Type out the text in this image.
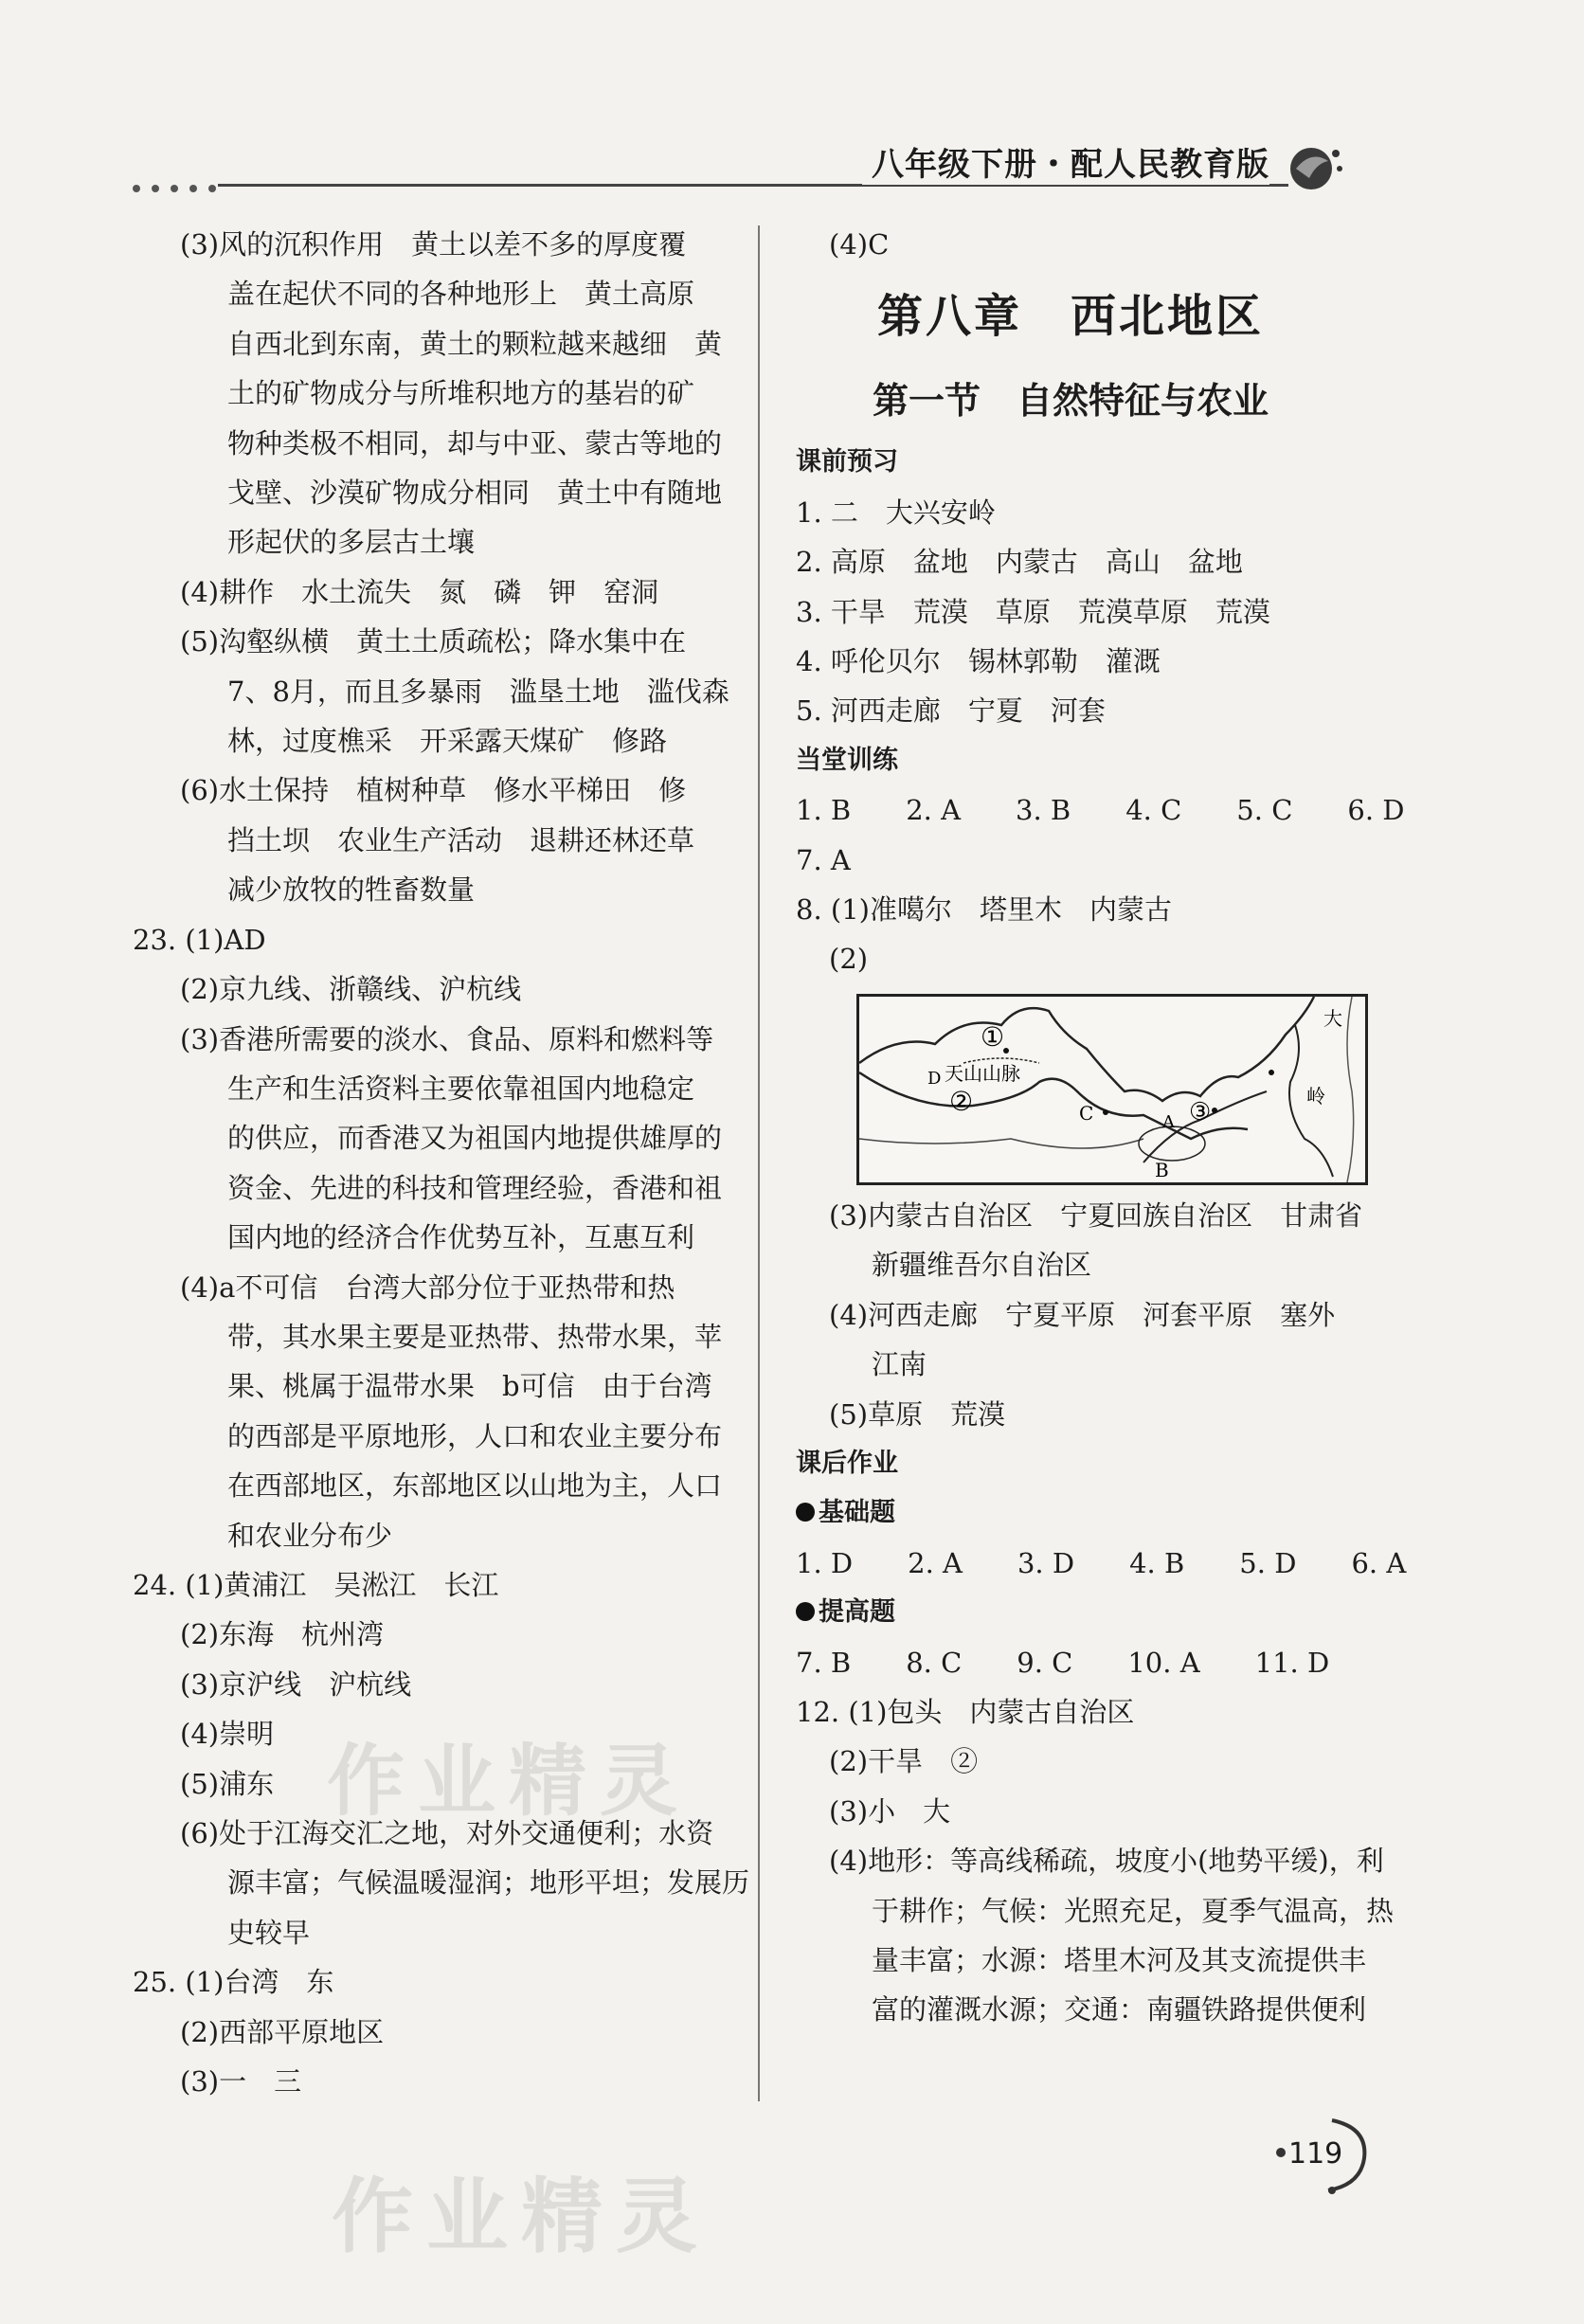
八年级下册・配人民教育版
(3)风的沉积作用　黄土以差不多的厚度覆
盖在起伏不同的各种地形上　黄土高原
自西北到东南，黄土的颗粒越来越细　黄
土的矿物成分与所堆积地方的基岩的矿
物种类极不相同，却与中亚、蒙古等地的
戈壁、沙漠矿物成分相同　黄土中有随地
形起伏的多层古土壤
(4)耕作　水土流失　氮　磷　钾　窑洞
(5)沟壑纵横　黄土土质疏松；降水集中在
7、8月，而且多暴雨　滥垦土地　滥伐森
林，过度樵采　开采露天煤矿　修路
(6)水土保持　植树种草　修水平梯田　修
挡土坝　农业生产活动　退耕还林还草
减少放牧的牲畜数量
23. (1)AD
(2)京九线、浙赣线、沪杭线
(3)香港所需要的淡水、食品、原料和燃料等
生产和生活资料主要依靠祖国内地稳定
的供应，而香港又为祖国内地提供雄厚的
资金、先进的科技和管理经验，香港和祖
国内地的经济合作优势互补，互惠互利
(4)a不可信　台湾大部分位于亚热带和热
带，其水果主要是亚热带、热带水果，苹
果、桃属于温带水果　b可信　由于台湾
的西部是平原地形，人口和农业主要分布
在西部地区，东部地区以山地为主，人口
和农业分布少
24. (1)黄浦江　吴淞江　长江
(2)东海　杭州湾
(3)京沪线　沪杭线
(4)崇明
(5)浦东
(6)处于江海交汇之地，对外交通便利；水资
源丰富；气候温暖湿润；地形平坦；发展历
史较早
25. (1)台湾　东
(2)西部平原地区
(3)一　三
(4)C
第八章　西北地区
第一节　自然特征与农业
课前预习
1. 二　大兴安岭
2. 高原　盆地　内蒙古　高山　盆地
3. 干旱　荒漠　草原　荒漠草原　荒漠
4. 呼伦贝尔　锡林郭勒　灌溉
5. 河西走廊　宁夏　河套
当堂训练
1. B　　2. A　　3. B　　4. C　　5. C　　6. D
7. A
8. (1)准噶尔　塔里木　内蒙古
(2)
①
天山山脉
D
②	C	③
A
B
大
岭
(3)内蒙古自治区　宁夏回族自治区　甘肃省
新疆维吾尔自治区
(4)河西走廊　宁夏平原　河套平原　塞外
江南
(5)草原　荒漠
课后作业
基础题
1. D　　2. A　　3. D　　4. B　　5. D　　6. A
提高题
7. B　　8. C　　9. C　　10. A　　11. D
12. (1)包头　内蒙古自治区
(2)干旱　②
(3)小　大
(4)地形：等高线稀疏，坡度小(地势平缓)，利
于耕作；气候：光照充足，夏季气温高，热
量丰富；水源：塔里木河及其支流提供丰
富的灌溉水源；交通：南疆铁路提供便利
作业精灵
作业精灵
119
